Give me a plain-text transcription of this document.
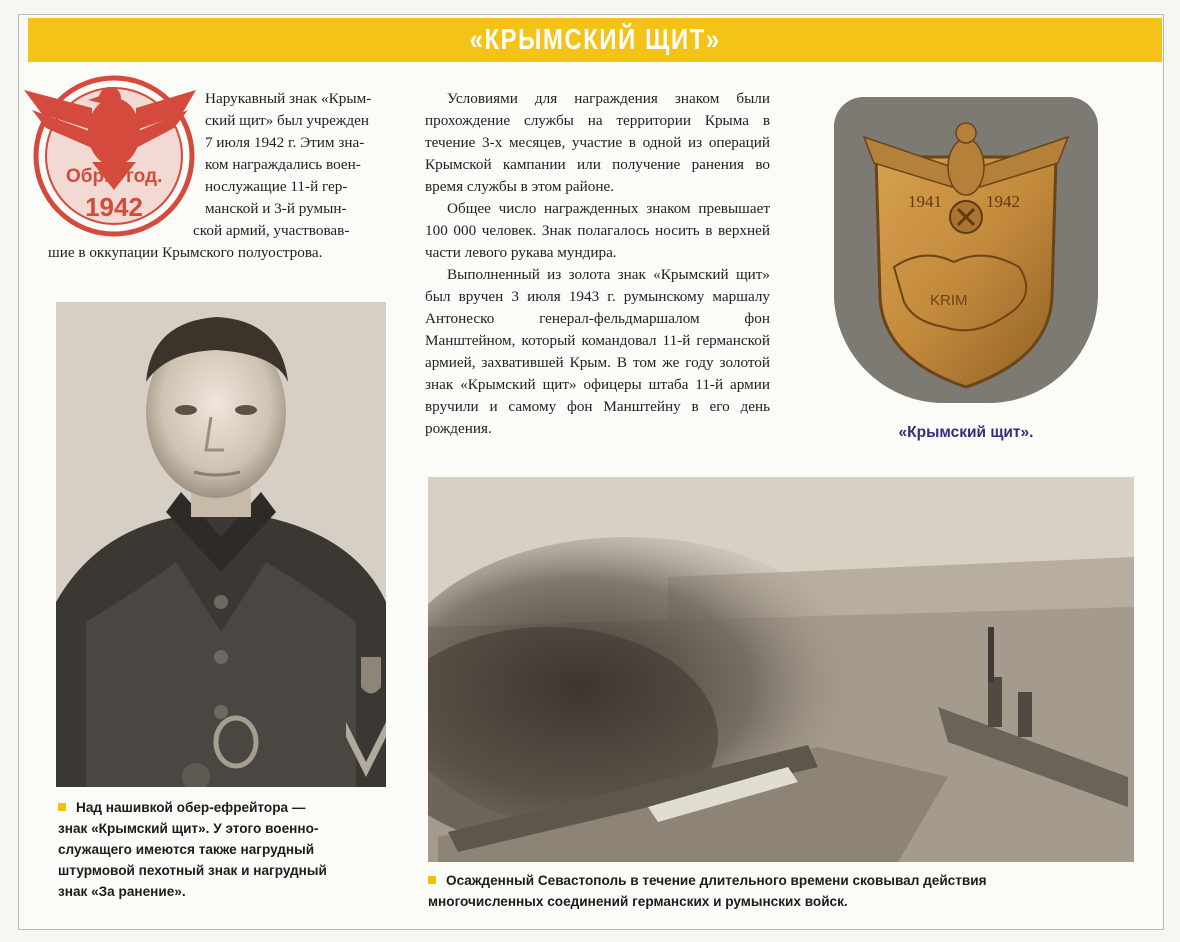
«КРЫМСКИЙ ЩИТ»
Обр. год.
1942
Нарукавный знак «Крым-
ский щит» был учрежден
7 июля 1942 г. Этим зна-
ком награждались воен-
нослужащие 11-й гер-
манской и 3-й румын-
ской армий, участвовав-
шие в оккупации Крымского полуострова.

Условиями для награждения знаком были прохождение службы на территории Крыма в течение 3-х месяцев, участие в одной из операций Крымской кампании или получение ранения во время службы в этом районе.

Общее число награжденных знаком превышает 100 000 человек. Знак полагалось носить в верхней части левого рукава мундира.

Выполненный из золота знак «Крымский щит» был вручен 3 июля 1943 г. румынскому маршалу Антонеско генерал-фельдмаршалом фон Манштейном, который командовал 11-й германской армией, захватившей Крым. В том же году золотой знак «Крымский щит» офицеры штаба 11-й армии вручили и самому фон Манштейну в его день рождения.

1941	1942
KRIM
«Крымский щит».
Над нашивкой обер-ефрейтора —
знак «Крымский щит». У этого военно-
служащего имеются также нагрудный
штурмовой пехотный знак и нагрудный
знак «За ранение».
Осажденный Севастополь в течение длительного времени сковывал действия
многочисленных соединений германских и румынских войск.
